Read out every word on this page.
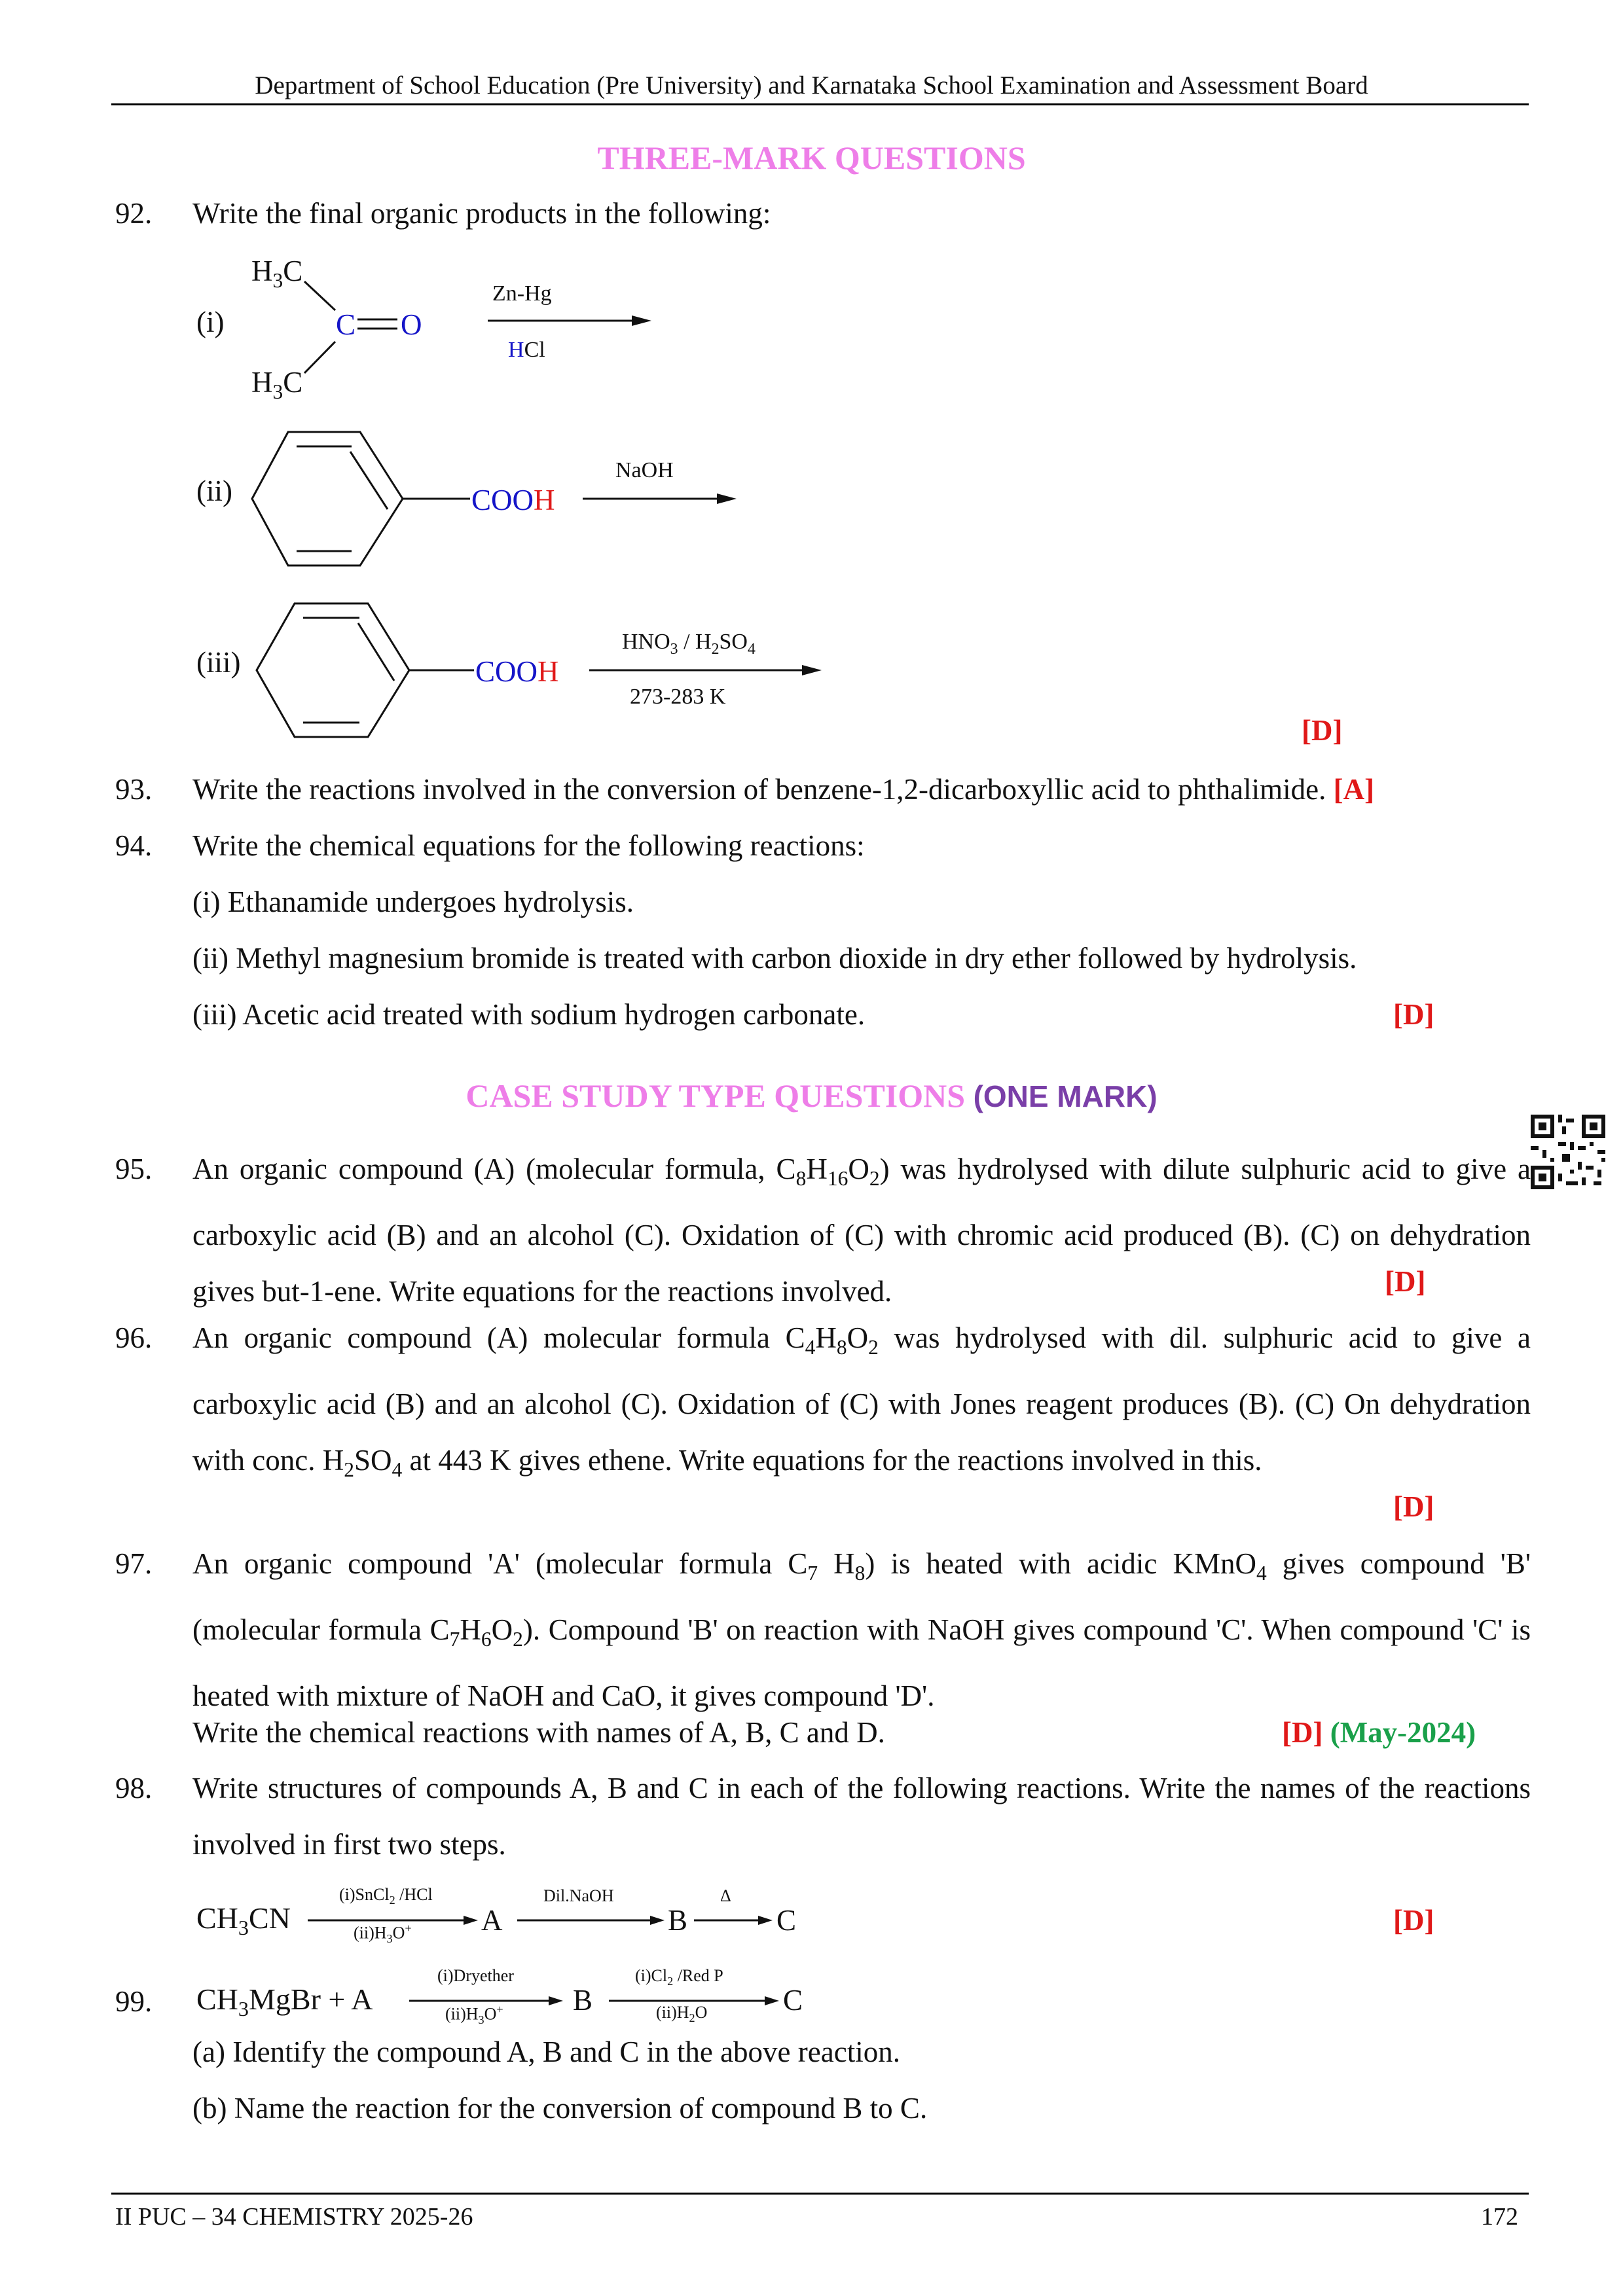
Department of School Education (Pre University) and Karnataka School Examination and Assessment Board
THREE-MARK QUESTIONS
92. Write the final organic products in the following:
(i)
$H_3C$
$H_3C$
C O
Zn-Hg
HCl
(ii)	COOH
NaOH
(iii)	COOH
$HNO_3 / H_2SO_4$
273-283 K
[D]
93. Write the reactions involved in the conversion of benzene-1,2-dicarboxyllic acid to phthalimide. [A]
94. Write the chemical equations for the following reactions:
(i) Ethanamide undergoes hydrolysis.
(ii) Methyl magnesium bromide is treated with carbon dioxide in dry ether followed by hydrolysis.
(iii) Acetic acid treated with sodium hydrogen carbonate.	[D]
CASE STUDY TYPE QUESTIONS (ONE MARK)
95. An organic compound (A) (molecular formula, $C_8H_{16}O_2$) was hydrolysed with dilute sulphuric acid to give a carboxylic acid (B) and an alcohol (C). Oxidation of (C) with chromic acid produced (B). (C) on dehydration gives but-1-ene. Write equations for the reactions involved.	[D]
96. An organic compound (A) molecular formula $C_4H_8O_2$ was hydrolysed with dil. sulphuric acid to give a carboxylic acid (B) and an alcohol (C). Oxidation of (C) with Jones reagent produces (B). (C) On dehydration with conc. $H_2SO_4$ at 443 K gives ethene. Write equations for the reactions involved in this.
[D]
97. An organic compound 'A' (molecular formula $C_7$ $H_8$) is heated with acidic KMnO$_4$ gives compound 'B' (molecular formula $C_7H_6O_2$). Compound 'B' on reaction with NaOH gives compound 'C'. When compound 'C' is heated with mixture of NaOH and CaO, it gives compound 'D'.
Write the chemical reactions with names of A, B, C and D.	[D] (May-2024)
98. Write structures of compounds A, B and C in each of the following reactions. Write the names of the reactions involved in first two steps.
$CH_3CN$
(i)SnCl$_2$ /HCl
$(ii)H_3O^+$ A
Dil.NaOH
B
Δ
C	[D]
99. $CH_3MgBr + A$
(i)Dryether
$(ii)H_3O^+$ B
$(i)Cl_2$ /Red P
$(ii)H_2O$	C
(a) Identify the compound A, B and C in the above reaction.
(b) Name the reaction for the conversion of compound B to C.
II PUC – 34 CHEMISTRY 2025-26	172
